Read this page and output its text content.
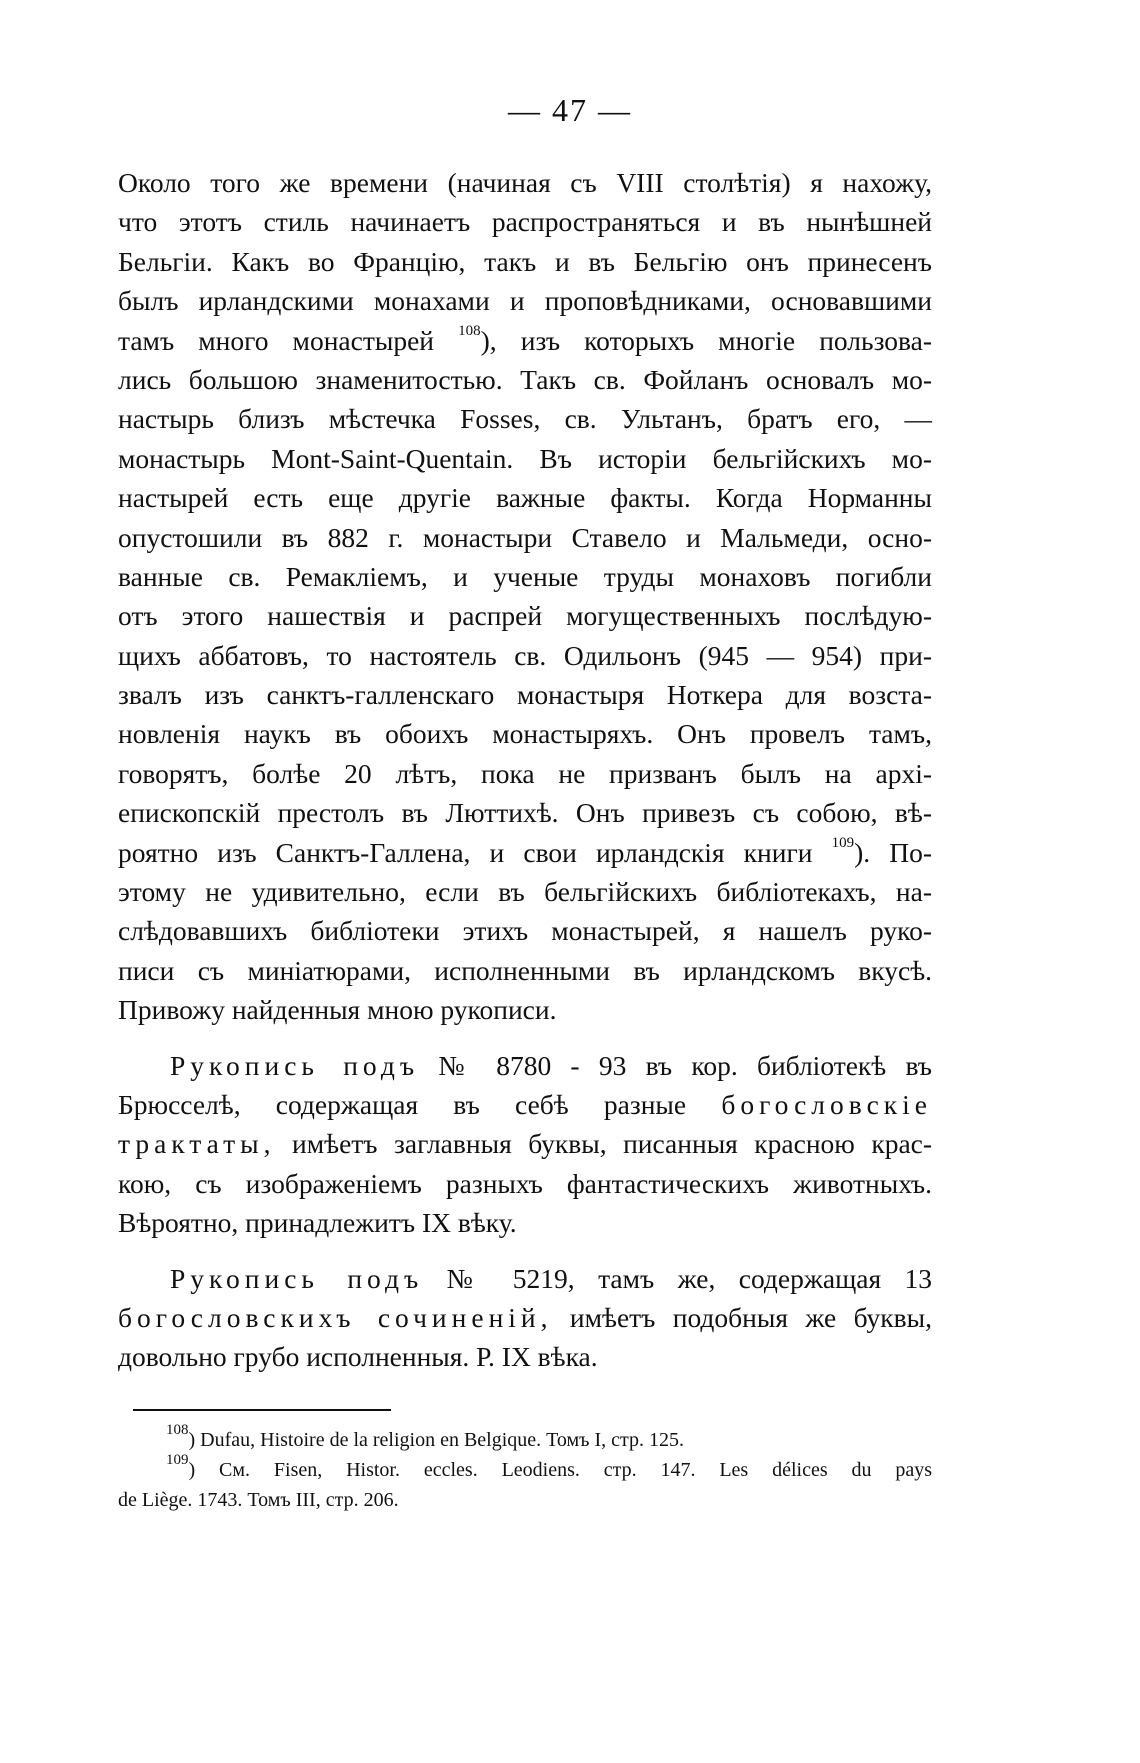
— 47 —
Около того же времени (начиная съ VIII столѣтія) я нахожу,
что этотъ стиль начинаетъ распространяться и въ нынѣшней
Бельгіи. Какъ во Францію, такъ и въ Бельгію онъ принесенъ
былъ ирландскими монахами и проповѣдниками, основавшими
тамъ много монастырей $^{108}$), изъ которыхъ многіе пользова-
лись большою знаменитостью. Такъ св. Фойланъ основалъ мо-
настырь близъ мѣстечка Fosses, св. Ультанъ, братъ его, —
монастырь Mont-Saint-Quentain. Въ исторіи бельгійскихъ мо-
настырей есть еще другіе важные факты. Когда Норманны
опустошили въ 882 г. монастыри Ставело и Мальмеди, осно-
ванные св. Ремакліемъ, и ученые труды монаховъ погибли
отъ этого нашествія и распрей могущественныхъ послѣдую-
щихъ аббатовъ, то настоятель св. Одильонъ (945 — 954) при-
звалъ изъ санктъ-галленскаго монастыря Ноткера для возста-
новленія наукъ въ обоихъ монастыряхъ. Онъ провелъ тамъ,
говорятъ, болѣе 20 лѣтъ, пока не призванъ былъ на архі-
епископскій престолъ въ Люттихѣ. Онъ привезъ съ собою, вѣ-
роятно изъ Санктъ-Галлена, и свои ирландскія книги $^{109}$). По-
этому не удивительно, если въ бельгійскихъ библіотекахъ, на-
слѣдовавшихъ библіотеки этихъ монастырей, я нашелъ руко-
писи съ миніатюрами, исполненными въ ирландскомъ вкусѣ.
Привожу найденныя мною рукописи.
Рукопись подъ № 8780 - 93 въ кор. библіотекѣ въ
Брюсселѣ, содержащая въ себѣ разные богословскіе
трактаты, имѣетъ заглавныя буквы, писанныя красною крас-
кою, съ изображеніемъ разныхъ фантастическихъ животныхъ.
Вѣроятно, принадлежитъ IX вѣку.
Рукопись подъ № 5219, тамъ же, содержащая 13
богословскихъ сочиненій, имѣетъ подобныя же буквы,
довольно грубо исполненныя. Р. IX вѣка.
$^{108}$) Dufau, Histoire de la religion en Belgique. Томъ I, стр. 125.
$^{109}$) См. Fisen, Histor. eccles. Leodiens. стр. 147. Les délices du pays
de Liège. 1743. Томъ III, стр. 206.
